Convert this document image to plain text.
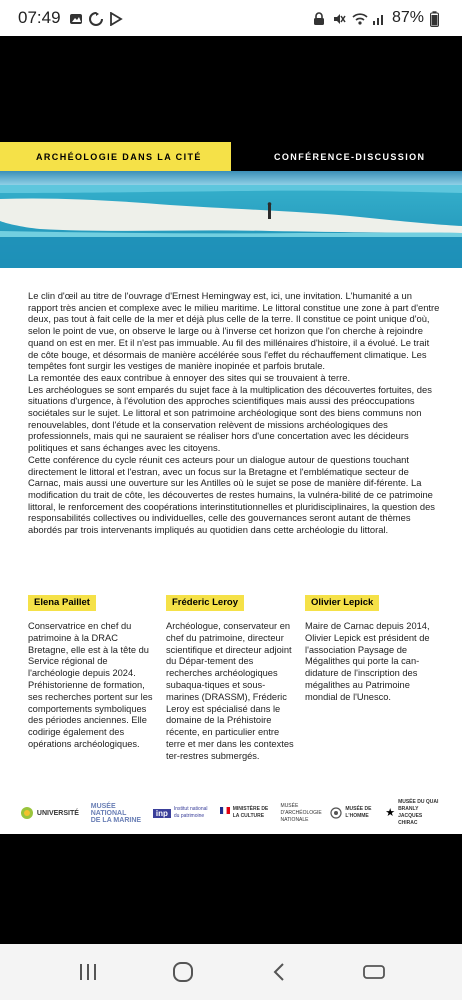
07:49	87%
ARCHÉOLOGIE DANS LA CITÉ	CONFÉRENCE-DISCUSSION

Le clin d'œil au titre de l'ouvrage d'Ernest Hemingway est, ici, une invitation. L'humanité a un rapport très ancien et complexe avec le milieu maritime. Le littoral constitue une zone à part d'entre deux, pas tout à fait celle de la mer et déjà plus celle de la terre. Il constitue ce point unique d'où, selon le point de vue, on observe le large ou à l'inverse cet horizon que l'on cherche à rejoindre quand on est en mer. Et il n'est pas immuable. Au fil des millénaires d'histoire, il a évolué. Le trait de côte bouge, et désormais de manière accélérée sous l'effet du réchauffement climatique. Les tempêtes font surgir les vestiges de manière inopinée et parfois brutale.

La remontée des eaux contribue à ennoyer des sites qui se trouvaient à terre.

Les archéologues se sont emparés du sujet face à la multiplication des découvertes fortuites, des situations d'urgence, à l'évolution des approches scientifiques mais aussi des préoccupations sociétales sur le sujet. Le littoral et son patrimoine archéologique sont des biens communs non renouvelables, dont l'étude et la conservation relèvent de missions archéologiques des professionnels, mais qui ne sauraient se réaliser hors d'une concertation avec les décideurs politiques et sans échanges avec les citoyens.

Cette conférence du cycle réunit ces acteurs pour un dialogue autour de questions touchant directement le littoral et l'estran, avec un focus sur la Bretagne et l'emblématique secteur de Carnac, mais aussi une ouverture sur les Antilles où le sujet se pose de manière dif-férente. La modification du trait de côte, les découvertes de restes humains, la vulnéra-bilité de ce patrimoine littoral, le renforcement des coopérations interinstitutionnelles et pluridisciplinaires, la question des responsabilités collectives ou individuelles, celle des gouvernances seront autant de thèmes abordés par trois intervenants impliqués au quotidien dans cette archéologie du littoral.

Elena Paillet
Conservatrice en chef du patrimoine à la DRAC Bretagne, elle est à la tête du Service régional de l'archéologie depuis 2024. Préhistorienne de formation, ses recherches portent sur les comportements symboliques des périodes anciennes. Elle codirige également des opérations archéologiques.
Fréderic Leroy
Archéologue, conservateur en chef du patrimoine, directeur scientifique et directeur adjoint du Dépar-tement des recherches archéologiques subaqua-tiques et sous-marines (DRASSM), Fréderic Leroy est spécialisé dans le domaine de la Préhistoire récente, en particulier entre terre et mer dans les contextes ter-restres submergés.
Olivier Lepick
Maire de Carnac depuis 2014, Olivier Lepick est président de l'association Paysage de Mégalithes qui porte la can-didature de l'inscription des mégalithes au Patrimoine mondial de l'Unesco.
UNIVERSITÉ
MUSÉE
NATIONAL
DE LA MARINE
inp	Institut national du patrimoine
MINISTÈRE DE LA CULTURE
MUSÉE D'ARCHÉOLOGIE NATIONALE
MUSÉE DE L'HOMME	★
MUSÉE DU QUAI BRANLY JACQUES CHIRAC
